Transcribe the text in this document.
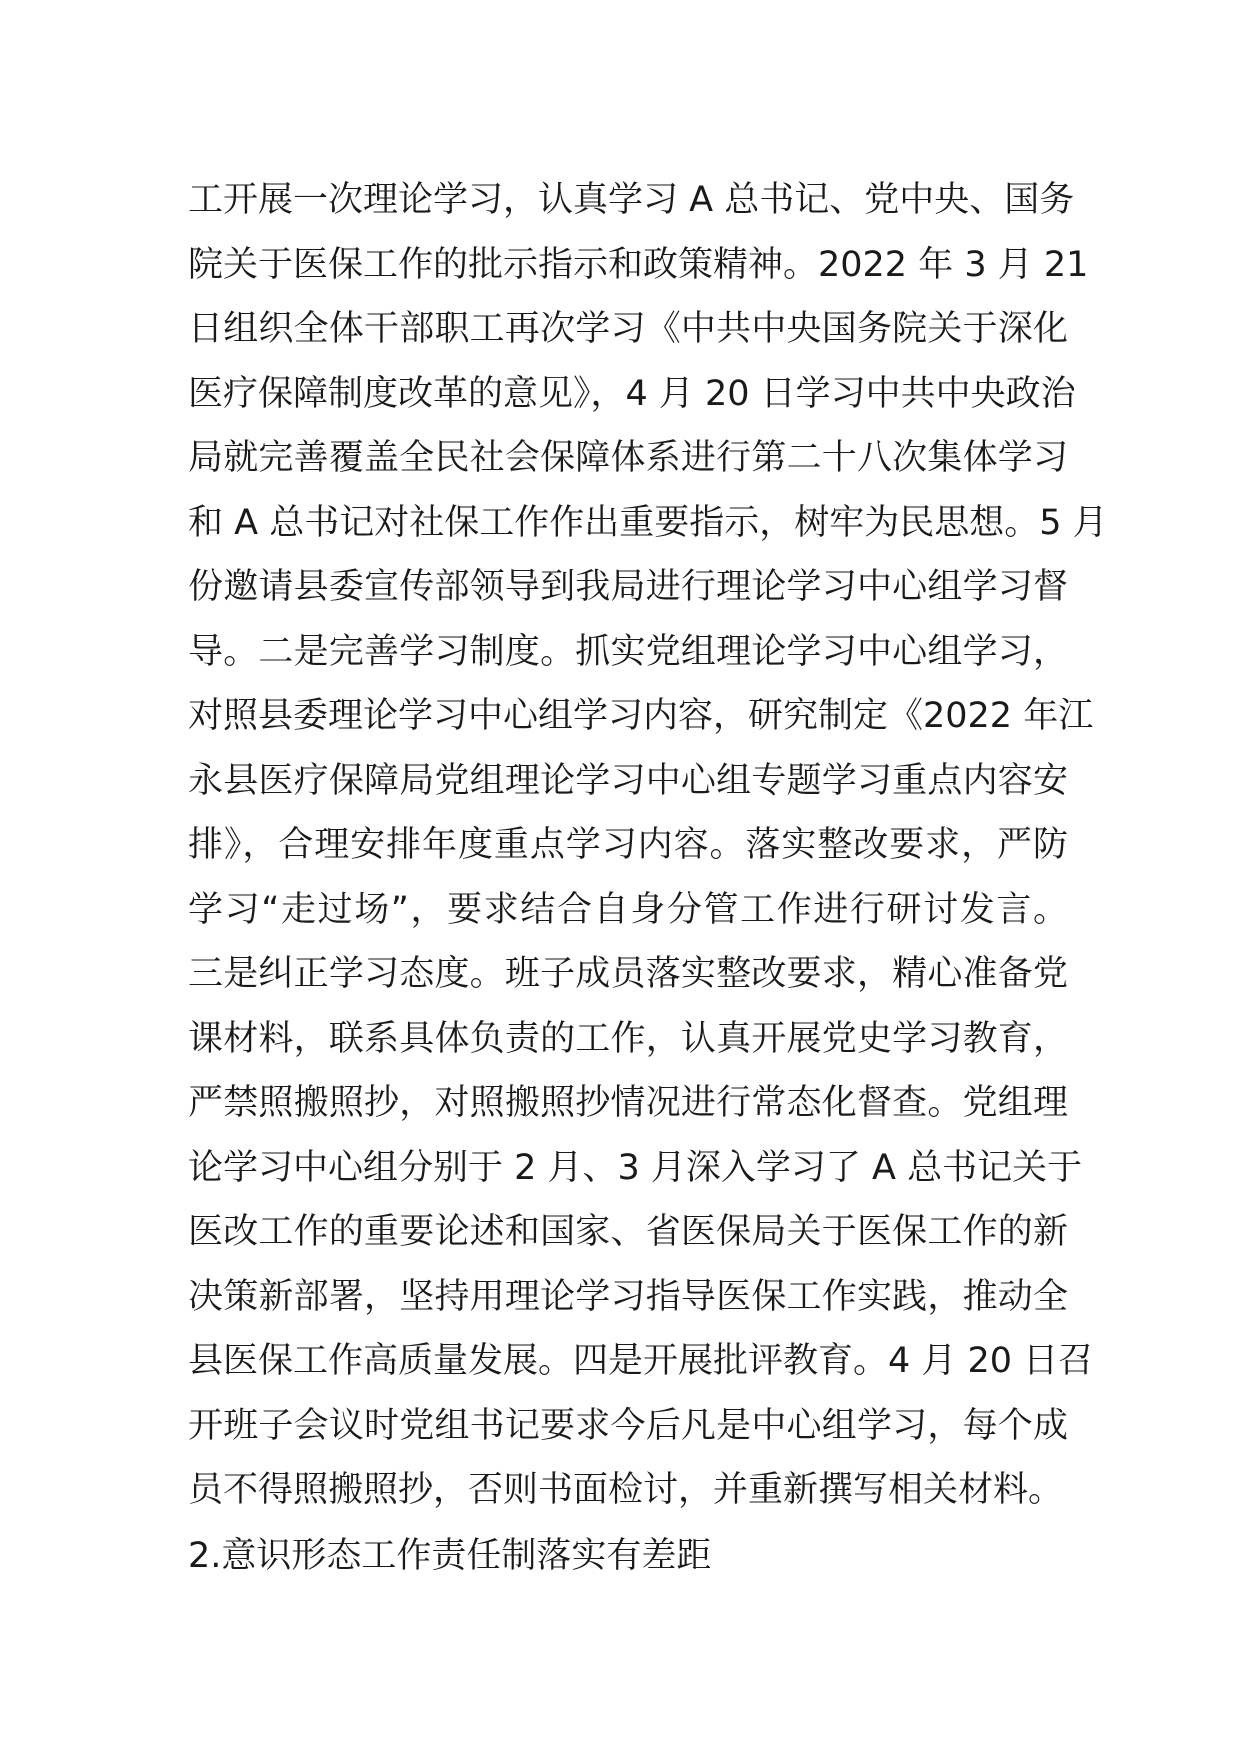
工开展一次理论学习，认真学习 A 总书记、党中央、国务
院关于医保工作的批示指示和政策精神。2022 年 3 月 21
日组织全体干部职工再次学习《中共中央国务院关于深化
医疗保障制度改革的意见》，4 月 20 日学习中共中央政治
局就完善覆盖全民社会保障体系进行第二十八次集体学习
和 A 总书记对社保工作作出重要指示，树牢为民思想。5 月
份邀请县委宣传部领导到我局进行理论学习中心组学习督
导。二是完善学习制度。抓实党组理论学习中心组学习，
对照县委理论学习中心组学习内容，研究制定《2022 年江
永县医疗保障局党组理论学习中心组专题学习重点内容安
排》，合理安排年度重点学习内容。落实整改要求，严防
学习“走过场”，要求结合自身分管工作进行研讨发言。
三是纠正学习态度。班子成员落实整改要求，精心准备党
课材料，联系具体负责的工作，认真开展党史学习教育，
严禁照搬照抄，对照搬照抄情况进行常态化督查。党组理
论学习中心组分别于 2 月、3 月深入学习了 A 总书记关于
医改工作的重要论述和国家、省医保局关于医保工作的新
决策新部署，坚持用理论学习指导医保工作实践，推动全
县医保工作高质量发展。四是开展批评教育。4 月 20 日召
开班子会议时党组书记要求今后凡是中心组学习，每个成
员不得照搬照抄，否则书面检讨，并重新撰写相关材料。
2.意识形态工作责任制落实有差距
